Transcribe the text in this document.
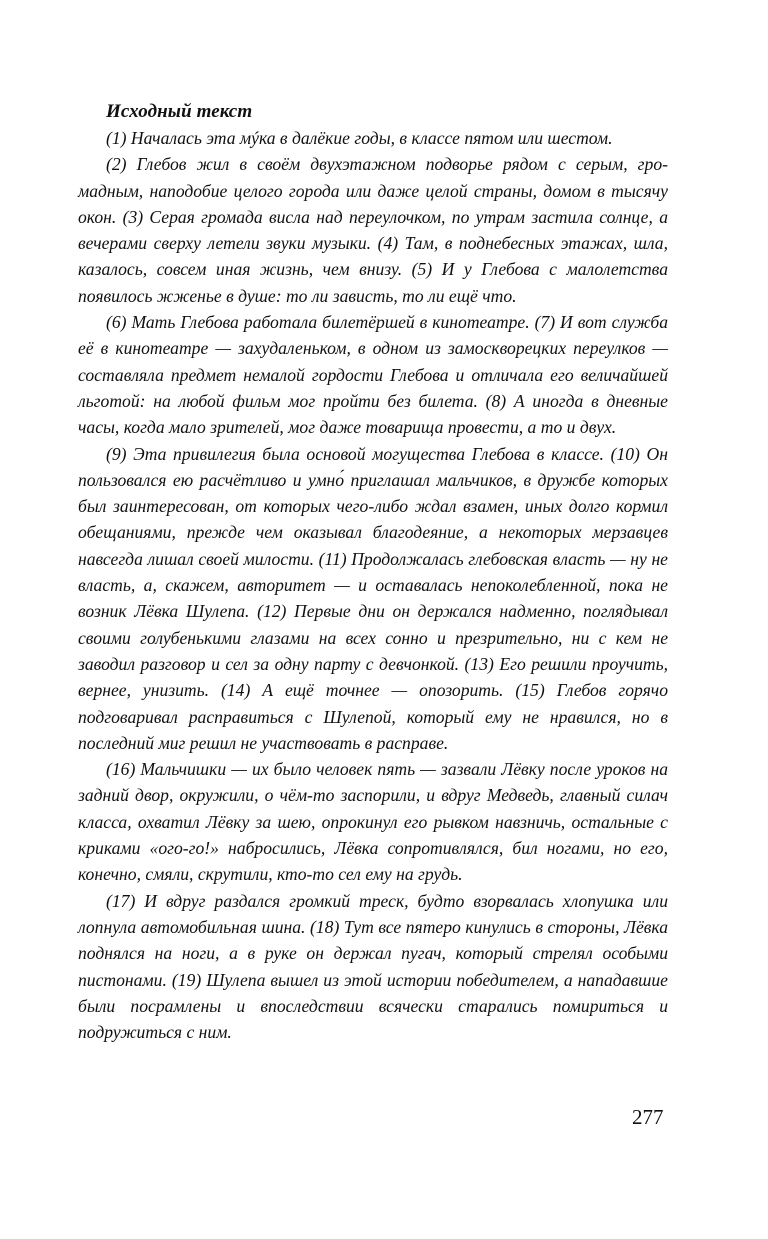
Исходный текст

(1) Началась эта мýка в далёкие годы, в классе пятом или шестом.

(2) Глебов жил в своём двухэтажном подворье рядом с серым, громадным, наподобие целого города или даже целой страны, домом в тысячу окон. (3) Серая громада висла над переулочком, по утрам застила солнце, а вечерами сверху летели звуки музыки. (4) Там, в поднебесных этажах, шла, казалось, совсем иная жизнь, чем внизу. (5) И у Глебова с малолетства появилось жженье в душе: то ли зависть, то ли ещё что.

(6) Мать Глебова работала билетёршей в кинотеатре. (7) И вот служба её в кинотеатре — захудаленьком, в одном из замоскворецких переулков — составляла предмет немалой гордости Глебова и отличала его величайшей льготой: на любой фильм мог пройти без билета. (8) А иногда в дневные часы, когда мало зрителей, мог даже товарища провести, а то и двух.

(9) Эта привилегия была основой могущества Глебова в классе. (10) Он пользовался ею расчётливо и умно́ приглашал мальчиков, в дружбе которых был заинтересован, от которых чего-либо ждал взамен, иных долго кормил обещаниями, прежде чем оказывал благодеяние, а некоторых мерзавцев навсегда лишал своей милости. (11) Продолжалась глебовская власть — ну не власть, а, скажем, авторитет — и оставалась непоколебленной, пока не возник Лёвка Шулепа. (12) Первые дни он держался надменно, поглядывал своими голубенькими глазами на всех сонно и презрительно, ни с кем не заводил разговор и сел за одну парту с девчонкой. (13) Его решили проучить, вернее, унизить. (14) А ещё точнее — опозорить. (15) Глебов горячо подговаривал расправиться с Шулепой, который ему не нравился, но в последний миг решил не участвовать в расправе.

(16) Мальчишки — их было человек пять — зазвали Лёвку после уроков на задний двор, окружили, о чём-то заспорили, и вдруг Медведь, главный силач класса, охватил Лёвку за шею, опрокинул его рывком навзничь, остальные с криками «ого-го!» набросились, Лёвка сопротивлялся, бил ногами, но его, конечно, смяли, скрутили, кто-то сел ему на грудь.

(17) И вдруг раздался громкий треск, будто взорвалась хлопушка или лопнула автомобильная шина. (18) Тут все пятеро кинулись в стороны, Лёвка поднялся на ноги, а в руке он держал пугач, который стрелял особыми пистонами. (19) Шулепа вышел из этой истории победителем, а нападавшие были посрамлены и впоследствии всячески старались помириться и подружиться с ним.

277
